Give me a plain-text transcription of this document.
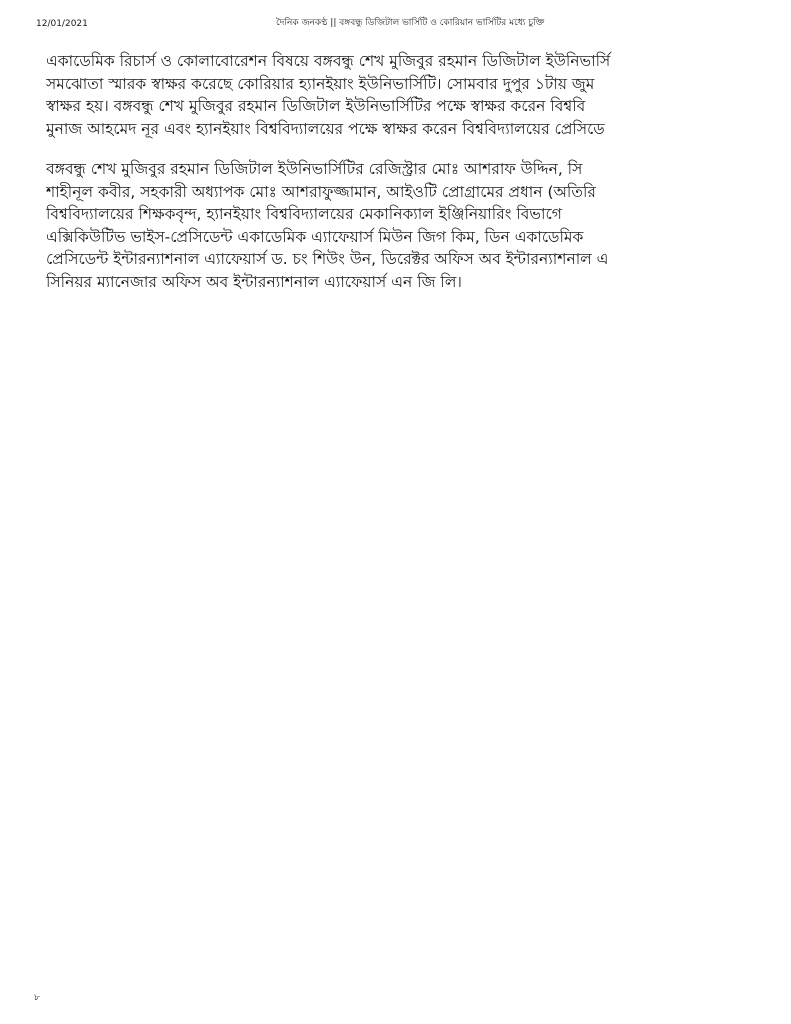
12/01/2021	দৈনিক জনকণ্ঠ || বঙ্গবন্ধু ডিজিটাল ভার্সিটি ও কোরিয়ান ভার্সিটির মধ্যে চুক্তি

একাডেমিক রিচার্স ও কোলাবোরেশন বিষয়ে বঙ্গবন্ধু শেখ মুজিবুর রহমান ডিজিটাল ইউনিভার্সি
সমঝোতা স্মারক স্বাক্ষর করেছে কোরিয়ার হ্যানইয়াং ইউনিভার্সিটি। সোমবার দুপুর ১টায় জুম
স্বাক্ষর হয়। বঙ্গবন্ধু শেখ মুজিবুর রহমান ডিজিটাল ইউনিভার্সিটির পক্ষে স্বাক্ষর করেন বিশ্ববি
মুনাজ আহমেদ নূর এবং হ্যানইয়াং বিশ্ববিদ্যালয়ের পক্ষে স্বাক্ষর করেন বিশ্ববিদ্যালয়ের প্রেসিডে

বঙ্গবন্ধু শেখ মুজিবুর রহমান ডিজিটাল ইউনিভার্সিটির রেজিস্ট্রার মোঃ আশরাফ উদ্দিন, সি
শাহীনূল কবীর, সহকারী অধ্যাপক মোঃ আশরাফুজ্জামান, আইওটি প্রোগ্রামের প্রধান (অতিরি
বিশ্ববিদ্যালয়ের শিক্ষকবৃন্দ, হ্যানইয়াং বিশ্ববিদ্যালয়ের মেকানিক্যাল ইঞ্জিনিয়ারিং বিভাগে
এক্সিকিউটিভ ভাইস-প্রেসিডেন্ট একাডেমিক এ্যাফেয়ার্স মিউন জিগ কিম, ডিন একাডেমিক
প্রেসিডেন্ট ইন্টারন্যাশনাল এ্যাফেয়ার্স ড. চং শিউং উন, ডিরেক্টর অফিস অব ইন্টারন্যাশনাল এ
সিনিয়র ম্যানেজার অফিস অব ইন্টারন্যাশনাল এ্যাফেয়ার্স এন জি লি।

৮
